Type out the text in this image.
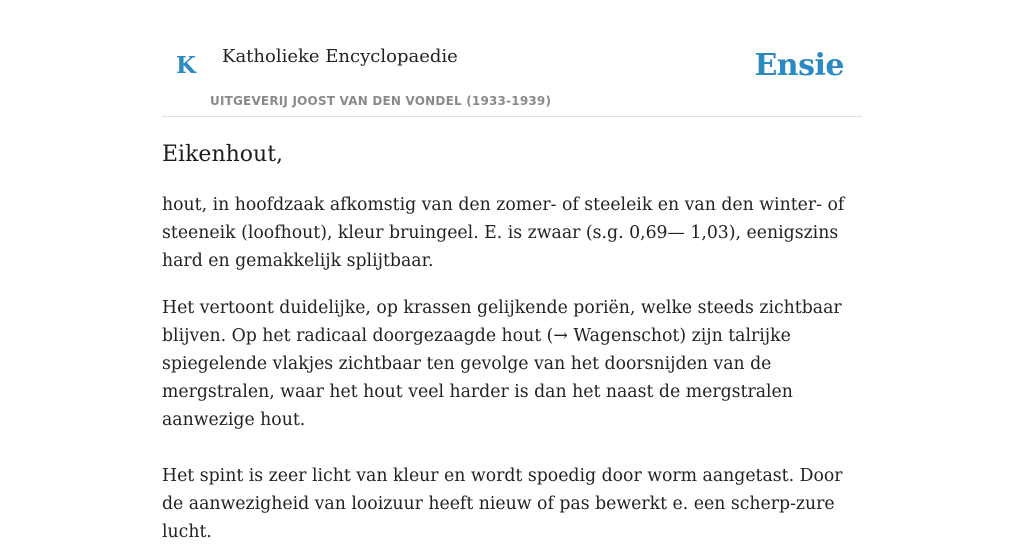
K Katholieke Encyclopaedie
UITGEVERIJ JOOST VAN DEN VONDEL (1933-1939)
Ensie
Eikenhout,

hout, in hoofdzaak afkomstig van den zomer- of steeleik en van den winter- of steeneik (loofhout), kleur bruingeel. E. is zwaar (s.g. 0,69— 1,03), eenigszins hard en gemakkelijk splijtbaar.

Het vertoont duidelijke, op krassen gelijkende poriën, welke steeds zichtbaar blijven. Op het radicaal doorgezaagde hout (→ Wagenschot) zijn talrijke spiegelende vlakjes zichtbaar ten gevolge van het doorsnijden van de mergstralen, waar het hout veel harder is dan het naast de mergstralen aanwezige hout.

Het spint is zeer licht van kleur en wordt spoedig door worm aangetast. Door de aanwezigheid van looizuur heeft nieuw of pas bewerkt e. een scherp-zure lucht.
